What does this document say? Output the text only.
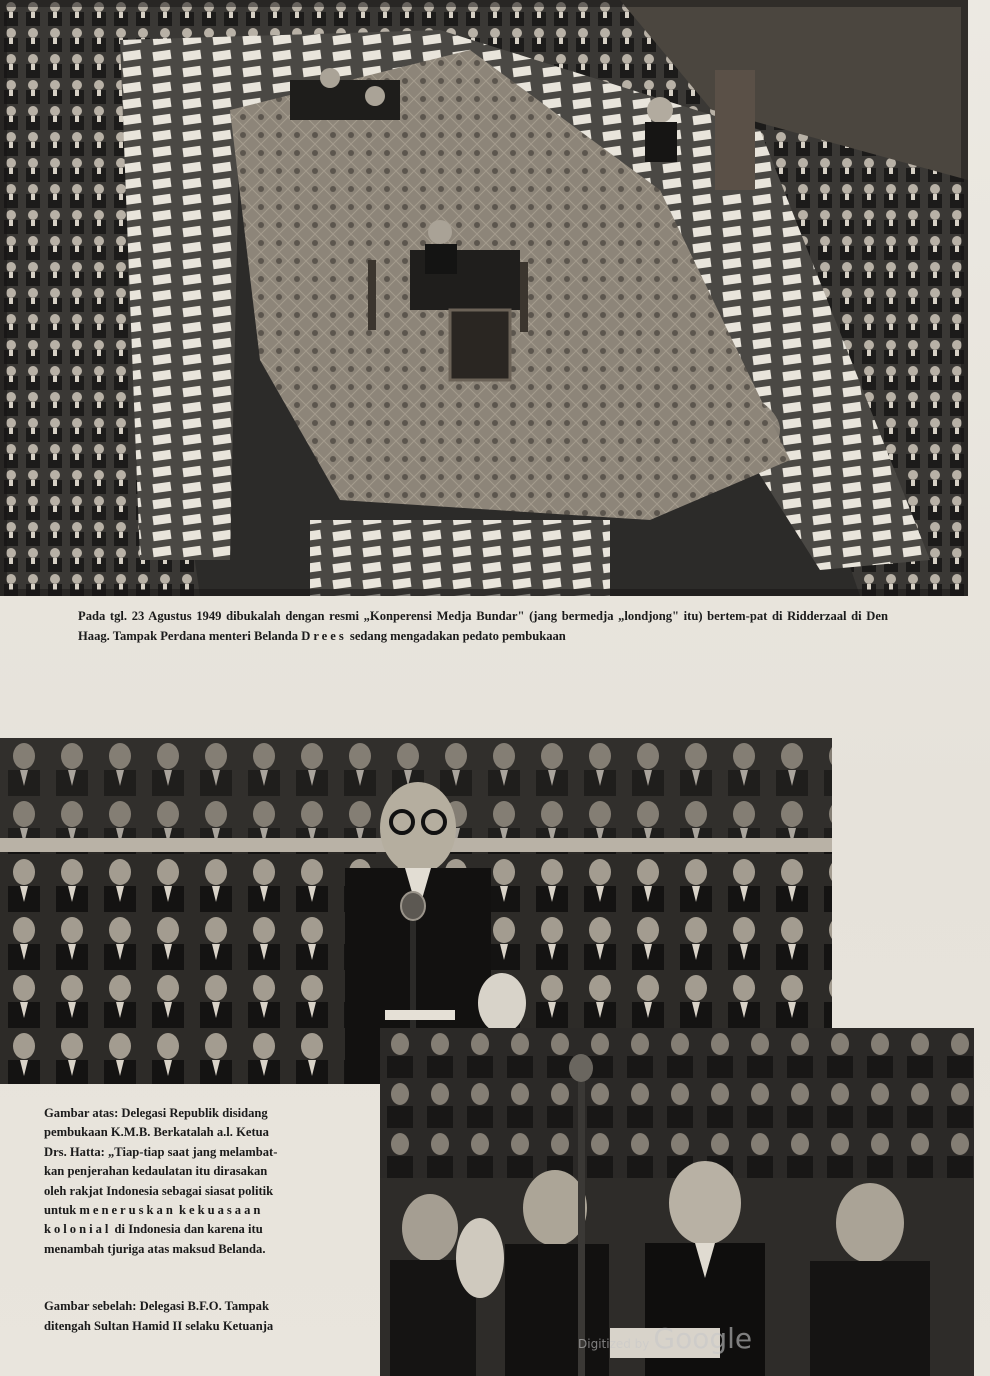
Pada tgl. 23 Agustus 1949 dibukalah dengan resmi „Konperensi Medja Bundar" (jang bermedja „londjong" itu) bertem-pat di Ridderzaal di Den Haag. Tampak Perdana menteri Belanda Drees sedang mengadakan pedato pembukaan

Gambar atas: Delegasi Republik disidang

pembukaan K.M.B. Berkatalah a.l. Ketua

Drs. Hatta: „Tiap-tiap saat jang melambat-

kan penjerahan kedaulatan itu dirasakan

oleh rakjat Indonesia sebagai siasat politik

untuk meneruskan kekuasaan

kolonial di Indonesia dan karena itu

menambah tjuriga atas maksud Belanda.

Gambar sebelah: Delegasi B.F.O. Tampak

ditengah Sultan Hamid II selaku Ketuanja

Digitized by Google
